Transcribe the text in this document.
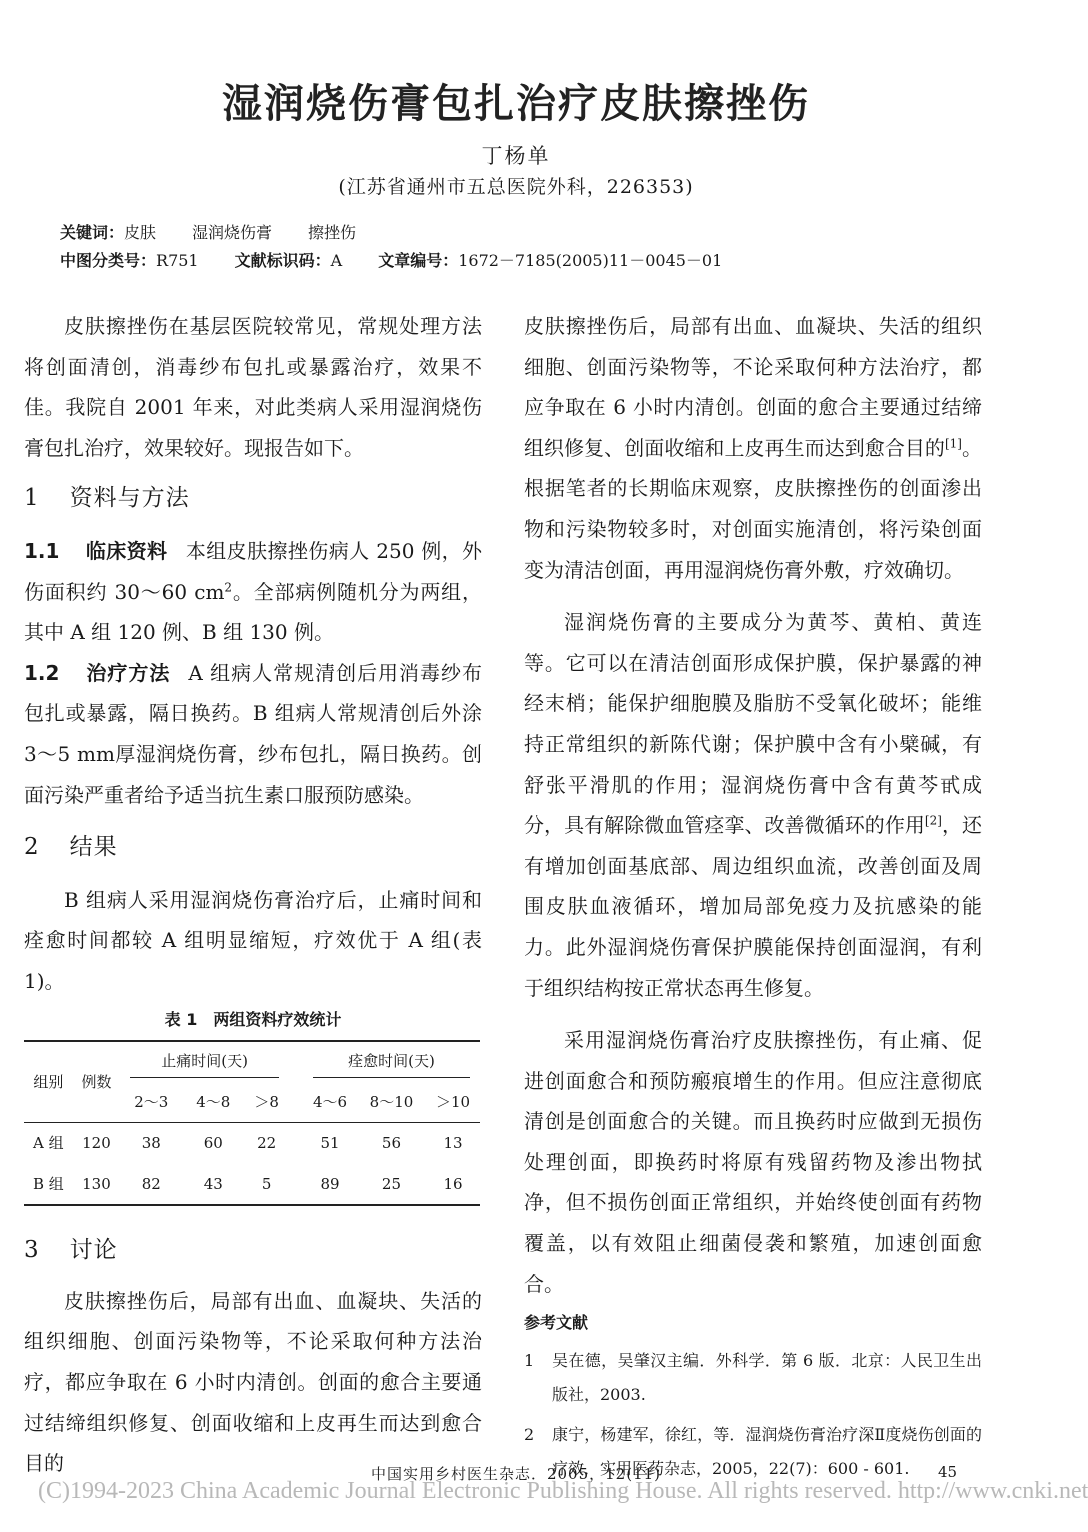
湿润烧伤膏包扎治疗皮肤擦挫伤
丁杨单
(江苏省通州市五总医院外科，226353)
关键词：皮肤 湿润烧伤膏 擦挫伤
中图分类号：R751 文献标识码：A 文章编号：1672－7185(2005)11－0045－01

皮肤擦挫伤在基层医院较常见，常规处理方法将创面清创，消毒纱布包扎或暴露治疗，效果不佳。我院自 2001 年来，对此类病人采用湿润烧伤膏包扎治疗，效果较好。现报告如下。

1 资料与方法
1.1 临床资料 本组皮肤擦挫伤病人 250 例，外伤面积约 30～60 $cm^2$。全部病例随机分为两组，其中 A 组 120 例、B 组 130 例。
1.2 治疗方法 A 组病人常规清创后用消毒纱布包扎或暴露，隔日换药。B 组病人常规清创后外涂 3～5 mm厚湿润烧伤膏，纱布包扎，隔日换药。创面污染严重者给予适当抗生素口服预防感染。
2 结果

B 组病人采用湿润烧伤膏治疗后，止痛时间和痊愈时间都较 A 组明显缩短，疗效优于 A 组(表 1)。

表 1 两组资料疗效统计
组别	例数	止痛时间(天)				痊愈时间(天)		

		2～3	4～8	＞8		4～6	8～10	＞10
A 组	120	38	60	22		51	56	13
B 组	130	82	43	5		89	25	16
3 讨论

皮肤擦挫伤后，局部有出血、血凝块、失活的组织细胞、创面污染物等，不论采取何种方法治疗，都应争取在 6 小时内清创。创面的愈合主要通过结缔组织修复、创面收缩和上皮再生而达到愈合目的

皮肤擦挫伤后，局部有出血、血凝块、失活的组织细胞、创面污染物等，不论采取何种方法治疗，都应争取在 6 小时内清创。创面的愈合主要通过结缔组织修复、创面收缩和上皮再生而达到愈合目的[1]。根据笔者的长期临床观察，皮肤擦挫伤的创面渗出物和污染物较多时，对创面实施清创，将污染创面变为清洁创面，再用湿润烧伤膏外敷，疗效确切。

湿润烧伤膏的主要成分为黄芩、黄柏、黄连等。它可以在清洁创面形成保护膜，保护暴露的神经末梢；能保护细胞膜及脂肪不受氧化破坏；能维持正常组织的新陈代谢；保护膜中含有小檗碱，有舒张平滑肌的作用；湿润烧伤膏中含有黄芩甙成分，具有解除微血管痉挛、改善微循环的作用[2]，还有增加创面基底部、周边组织血流，改善创面及周围皮肤血液循环，增加局部免疫力及抗感染的能力。此外湿润烧伤膏保护膜能保持创面湿润，有利于组织结构按正常状态再生修复。

采用湿润烧伤膏治疗皮肤擦挫伤，有止痛、促进创面愈合和预防瘢痕增生的作用。但应注意彻底清创是创面愈合的关键。而且换药时应做到无损伤处理创面，即换药时将原有残留药物及渗出物拭净，但不损伤创面正常组织，并始终使创面有药物覆盖，以有效阻止细菌侵袭和繁殖，加速创面愈合。

参考文献
1 吴在德，吴肇汉主编．外科学．第 6 版．北京：人民卫生出版社，2003.
2 康宁，杨建军，徐红，等．湿润烧伤膏治疗深Ⅱ度烧伤创面的疗效．实用医药杂志，2005，22(7)：600 - 601.
中国实用乡村医生杂志．2005，12(11)	45
(C)1994-2023 China Academic Journal Electronic Publishing House. All rights reserved. http://www.cnki.net
